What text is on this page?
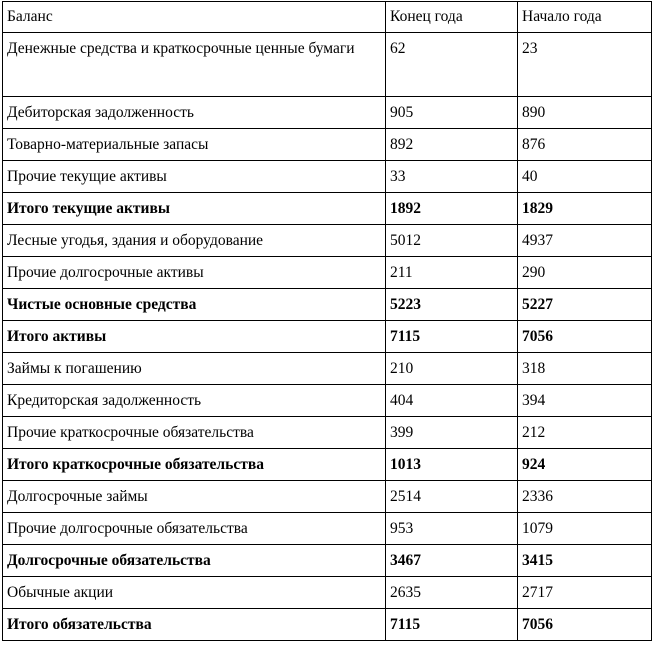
Баланс	Конец года	Начало года
Денежные средства и краткосрочные ценные бумаги	62	23
Дебиторская задолженность	905	890
Товарно-материальные запасы	892	876
Прочие текущие активы	33	40
Итого текущие активы	1892	1829
Лесные угодья, здания и оборудование	5012	4937
Прочие долгосрочные активы	211	290
Чистые основные средства	5223	5227
Итого активы	7115	7056
Займы к погашению	210	318
Кредиторская задолженность	404	394
Прочие краткосрочные обязательства	399	212
Итого краткосрочные обязательства	1013	924
Долгосрочные займы	2514	2336
Прочие долгосрочные обязательства	953	1079
Долгосрочные обязательства	3467	3415
Обычные акции	2635	2717
Итого обязательства	7115	7056
